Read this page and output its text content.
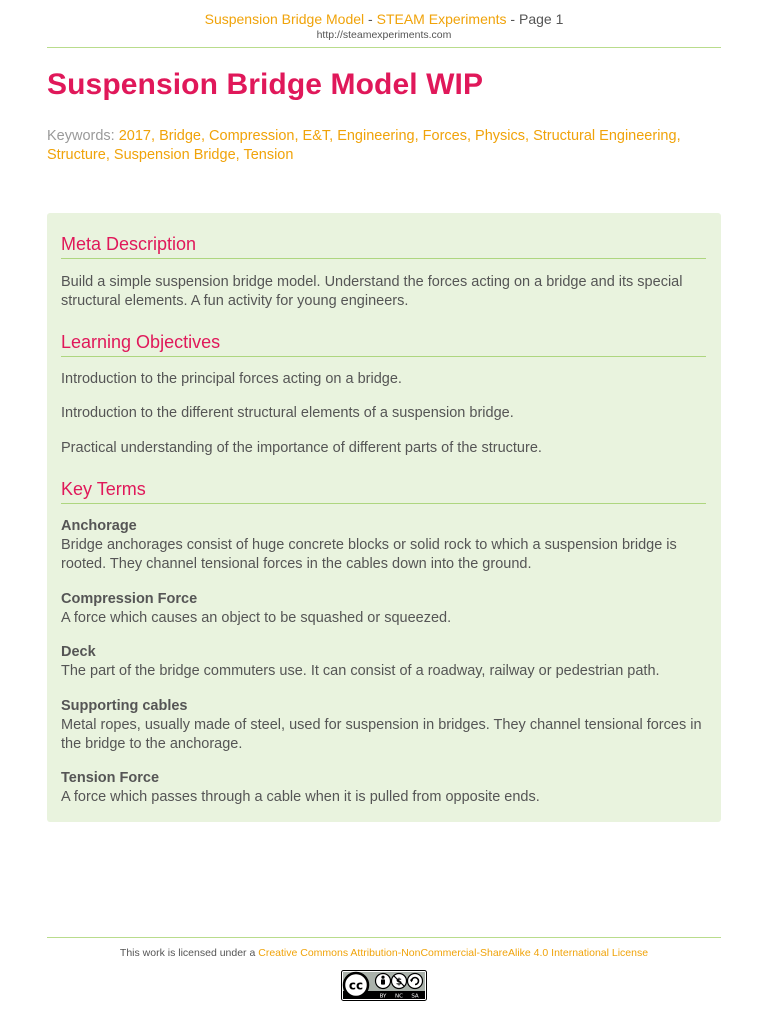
Suspension Bridge Model - STEAM Experiments - Page 1
http://steamexperiments.com
Suspension Bridge Model WIP
Keywords: 2017, Bridge, Compression, E&T, Engineering, Forces, Physics, Structural Engineering,
Structure, Suspension Bridge, Tension
Meta Description
Build a simple suspension bridge model. Understand the forces acting on a bridge and its special structural elements. A fun activity for young engineers.
Learning Objectives
Introduction to the principal forces acting on a bridge.
Introduction to the different structural elements of a suspension bridge.
Practical understanding of the importance of different parts of the structure.
Key Terms
Anchorage
Bridge anchorages consist of huge concrete blocks or solid rock to which a suspension bridge is rooted. They channel tensional forces in the cables down into the ground.
Compression Force
A force which causes an object to be squashed or squeezed.
Deck
The part of the bridge commuters use. It can consist of a roadway, railway or pedestrian path.
Supporting cables
Metal ropes, usually made of steel, used for suspension in bridges. They channel tensional forces in the bridge to the anchorage.
Tension Force
A force which passes through a cable when it is pulled from opposite ends.
This work is licensed under a Creative Commons Attribution-NonCommercial-ShareAlike 4.0 International License
cc	$
BY NC SA
